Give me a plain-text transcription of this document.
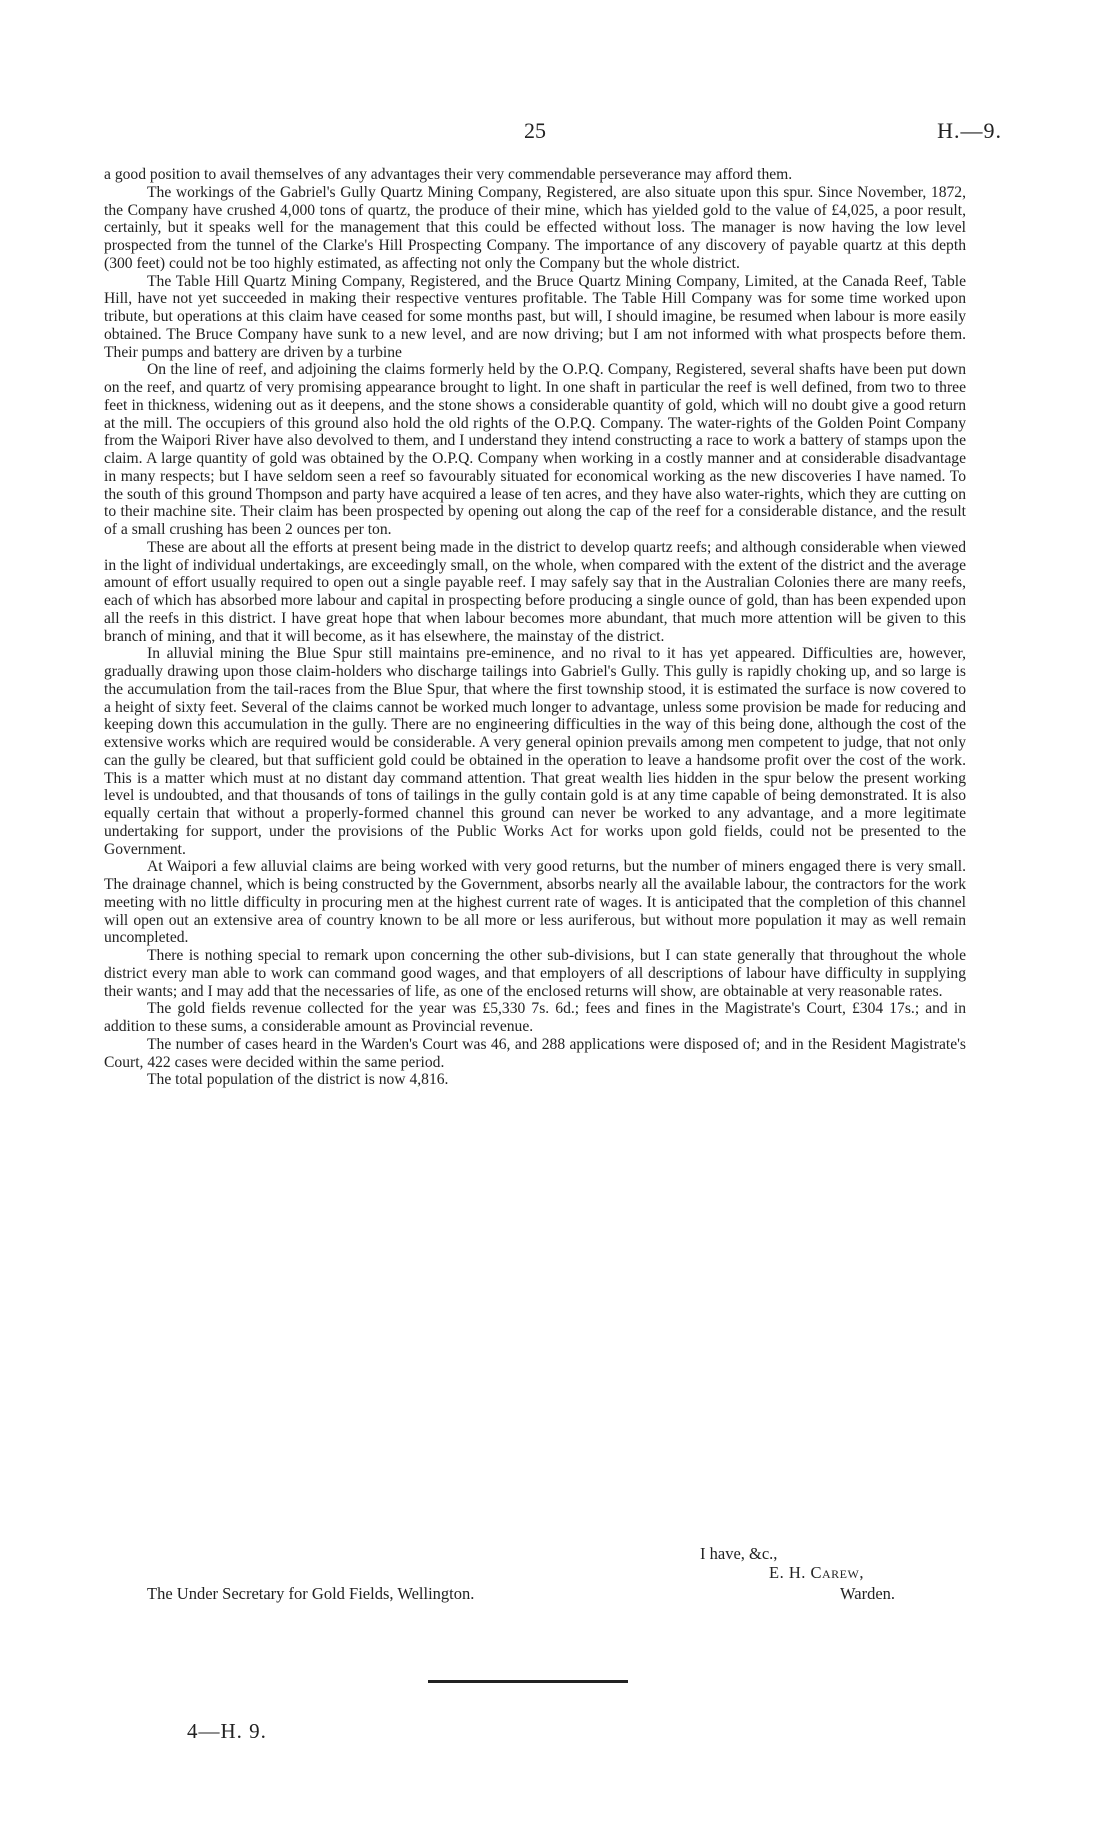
25	H.—9.

a good position to avail themselves of any advantages their very commendable perseverance may afford them.

The workings of the Gabriel's Gully Quartz Mining Company, Registered, are also situate upon this spur. Since November, 1872, the Company have crushed 4,000 tons of quartz, the produce of their mine, which has yielded gold to the value of £4,025, a poor result, certainly, but it speaks well for the management that this could be effected without loss. The manager is now having the low level prospected from the tunnel of the Clarke's Hill Prospecting Company. The importance of any discovery of payable quartz at this depth (300 feet) could not be too highly estimated, as affecting not only the Company but the whole district.

The Table Hill Quartz Mining Company, Registered, and the Bruce Quartz Mining Company, Limited, at the Canada Reef, Table Hill, have not yet succeeded in making their respective ventures profitable. The Table Hill Company was for some time worked upon tribute, but operations at this claim have ceased for some months past, but will, I should imagine, be resumed when labour is more easily obtained. The Bruce Company have sunk to a new level, and are now driving; but I am not informed with what prospects before them. Their pumps and battery are driven by a turbine

On the line of reef, and adjoining the claims formerly held by the O.P.Q. Company, Registered, several shafts have been put down on the reef, and quartz of very promising appearance brought to light. In one shaft in particular the reef is well defined, from two to three feet in thickness, widening out as it deepens, and the stone shows a considerable quantity of gold, which will no doubt give a good return at the mill. The occupiers of this ground also hold the old rights of the O.P.Q. Company. The water-rights of the Golden Point Company from the Waipori River have also devolved to them, and I understand they intend constructing a race to work a battery of stamps upon the claim. A large quantity of gold was obtained by the O.P.Q. Company when working in a costly manner and at considerable disadvantage in many respects; but I have seldom seen a reef so favourably situated for economical working as the new discoveries I have named. To the south of this ground Thompson and party have acquired a lease of ten acres, and they have also water-rights, which they are cutting on to their machine site. Their claim has been prospected by opening out along the cap of the reef for a considerable distance, and the result of a small crushing has been 2 ounces per ton.

These are about all the efforts at present being made in the district to develop quartz reefs; and although considerable when viewed in the light of individual undertakings, are exceedingly small, on the whole, when compared with the extent of the district and the average amount of effort usually required to open out a single payable reef. I may safely say that in the Australian Colonies there are many reefs, each of which has absorbed more labour and capital in prospecting before producing a single ounce of gold, than has been expended upon all the reefs in this district. I have great hope that when labour becomes more abundant, that much more attention will be given to this branch of mining, and that it will become, as it has elsewhere, the mainstay of the district.

In alluvial mining the Blue Spur still maintains pre-eminence, and no rival to it has yet appeared. Difficulties are, however, gradually drawing upon those claim-holders who discharge tailings into Gabriel's Gully. This gully is rapidly choking up, and so large is the accumulation from the tail-races from the Blue Spur, that where the first township stood, it is estimated the surface is now covered to a height of sixty feet. Several of the claims cannot be worked much longer to advantage, unless some provision be made for reducing and keeping down this accumulation in the gully. There are no engineering difficulties in the way of this being done, although the cost of the extensive works which are required would be considerable. A very general opinion prevails among men competent to judge, that not only can the gully be cleared, but that sufficient gold could be obtained in the operation to leave a handsome profit over the cost of the work. This is a matter which must at no distant day command attention. That great wealth lies hidden in the spur below the present working level is undoubted, and that thousands of tons of tailings in the gully contain gold is at any time capable of being demonstrated. It is also equally certain that without a properly-formed channel this ground can never be worked to any advantage, and a more legitimate undertaking for support, under the provisions of the Public Works Act for works upon gold fields, could not be presented to the Government.

At Waipori a few alluvial claims are being worked with very good returns, but the number of miners engaged there is very small. The drainage channel, which is being constructed by the Government, absorbs nearly all the available labour, the contractors for the work meeting with no little difficulty in procuring men at the highest current rate of wages. It is anticipated that the completion of this channel will open out an extensive area of country known to be all more or less auriferous, but without more population it may as well remain uncompleted.

There is nothing special to remark upon concerning the other sub-divisions, but I can state generally that throughout the whole district every man able to work can command good wages, and that employers of all descriptions of labour have difficulty in supplying their wants; and I may add that the necessaries of life, as one of the enclosed returns will show, are obtainable at very reasonable rates.

The gold fields revenue collected for the year was £5,330 7s. 6d.; fees and fines in the Magistrate's Court, £304 17s.; and in addition to these sums, a considerable amount as Provincial revenue.

The number of cases heard in the Warden's Court was 46, and 288 applications were disposed of; and in the Resident Magistrate's Court, 422 cases were decided within the same period.

The total population of the district is now 4,816.

I have, &c.,
E. H. Carew,
The Under Secretary for Gold Fields, Wellington.	Warden.
4—H. 9.
